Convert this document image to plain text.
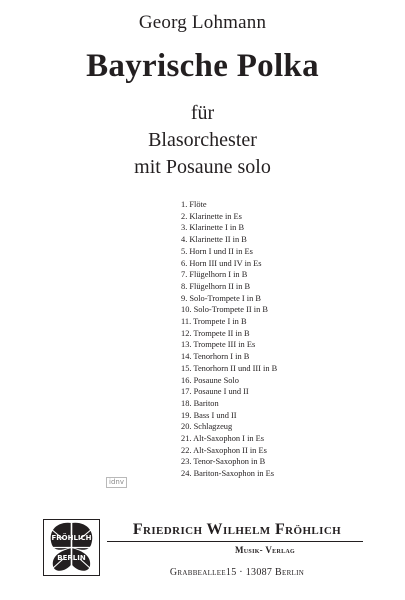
Georg Lohmann
Bayrische Polka
für
Blasorchester
mit Posaune solo
1. Flöte
2. Klarinette in Es
3. Klarinette I in B
4. Klarinette II in B
5. Horn I und II in Es
6. Horn III und IV in Es
7. Flügelhorn I in B
8. Flügelhorn II in B
9. Solo-Trompete I in B
10. Solo-Trompete II in B
11. Trompete I in B
12. Trompete II in B
13. Trompete III in Es
14. Tenorhorn I in B
15. Tenorhorn II und III in B
16. Posaune Solo
17. Posaune I und II
18. Bariton
19. Bass I und II
20. Schlagzeug
21. Alt-Saxophon I in Es
22. Alt-Saxophon II in Es
23. Tenor-Saxophon in B
24. Bariton-Saxophon in Es
idnv
FRÖHLICH
BERLIN
Friedrich Wilhelm Fröhlich
Musik- Verlag
Grabbeallee15 · 13087 Berlin
